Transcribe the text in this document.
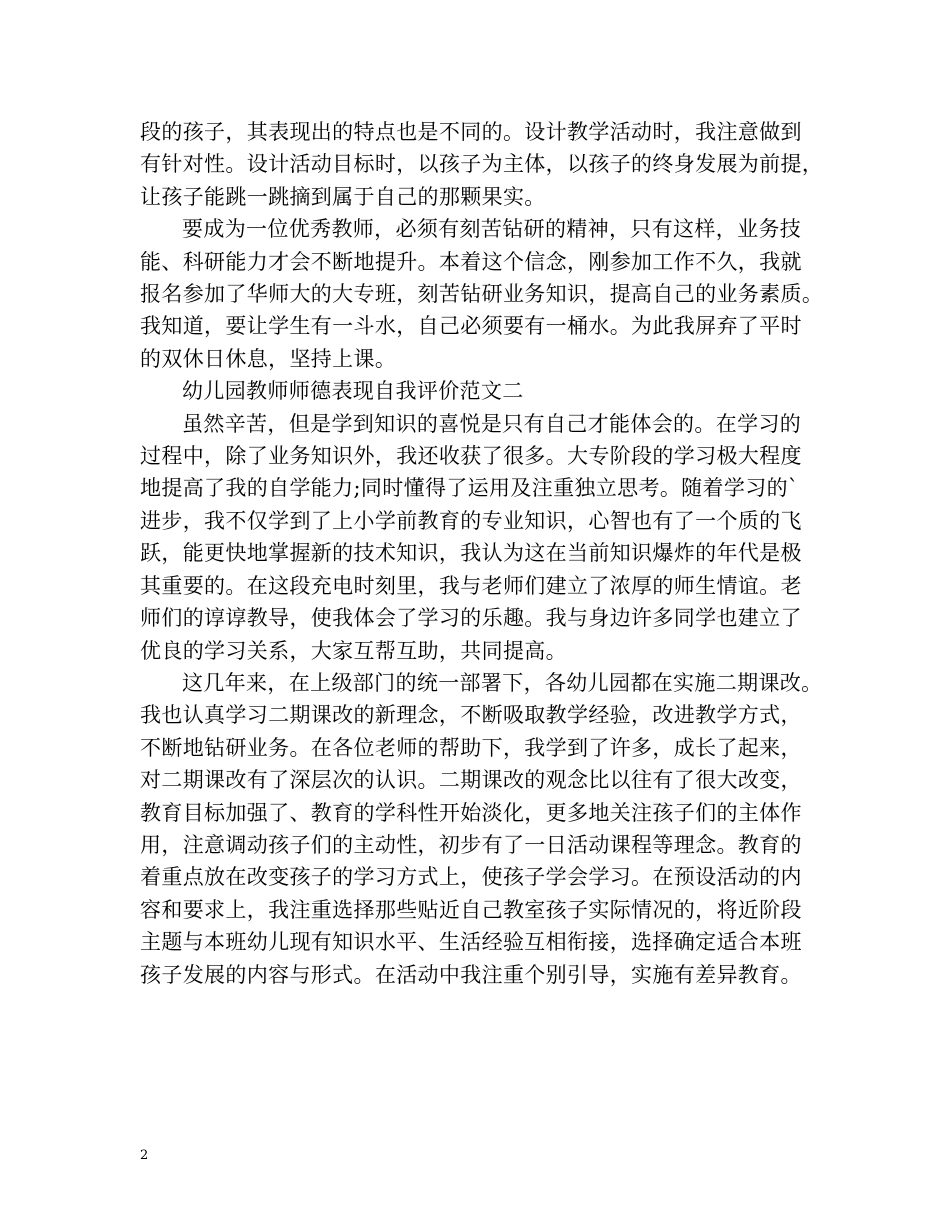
段的孩子，其表现出的特点也是不同的。设计教学活动时，我注意做到
有针对性。设计活动目标时，以孩子为主体，以孩子的终身发展为前提，
让孩子能跳一跳摘到属于自己的那颗果实。
要成为一位优秀教师，必须有刻苦钻研的精神，只有这样，业务技
能、科研能力才会不断地提升。本着这个信念，刚参加工作不久，我就
报名参加了华师大的大专班，刻苦钻研业务知识，提高自己的业务素质。
我知道，要让学生有一斗水，自己必须要有一桶水。为此我屏弃了平时
的双休日休息，坚持上课。
幼儿园教师师德表现自我评价范文二
虽然辛苦，但是学到知识的喜悦是只有自己才能体会的。在学习的
过程中，除了业务知识外，我还收获了很多。大专阶段的学习极大程度
地提高了我的自学能力;同时懂得了运用及注重独立思考。随着学习的`
进步，我不仅学到了上小学前教育的专业知识，心智也有了一个质的飞
跃，能更快地掌握新的技术知识，我认为这在当前知识爆炸的年代是极
其重要的。在这段充电时刻里，我与老师们建立了浓厚的师生情谊。老
师们的谆谆教导，使我体会了学习的乐趣。我与身边许多同学也建立了
优良的学习关系，大家互帮互助，共同提高。
这几年来，在上级部门的统一部署下，各幼儿园都在实施二期课改。
我也认真学习二期课改的新理念，不断吸取教学经验，改进教学方式，
不断地钻研业务。在各位老师的帮助下，我学到了许多，成长了起来，
对二期课改有了深层次的认识。二期课改的观念比以往有了很大改变，
教育目标加强了、教育的学科性开始淡化，更多地关注孩子们的主体作
用，注意调动孩子们的主动性，初步有了一日活动课程等理念。教育的
着重点放在改变孩子的学习方式上，使孩子学会学习。在预设活动的内
容和要求上，我注重选择那些贴近自己教室孩子实际情况的，将近阶段
主题与本班幼儿现有知识水平、生活经验互相衔接，选择确定适合本班
孩子发展的内容与形式。在活动中我注重个别引导，实施有差异教育。
2
